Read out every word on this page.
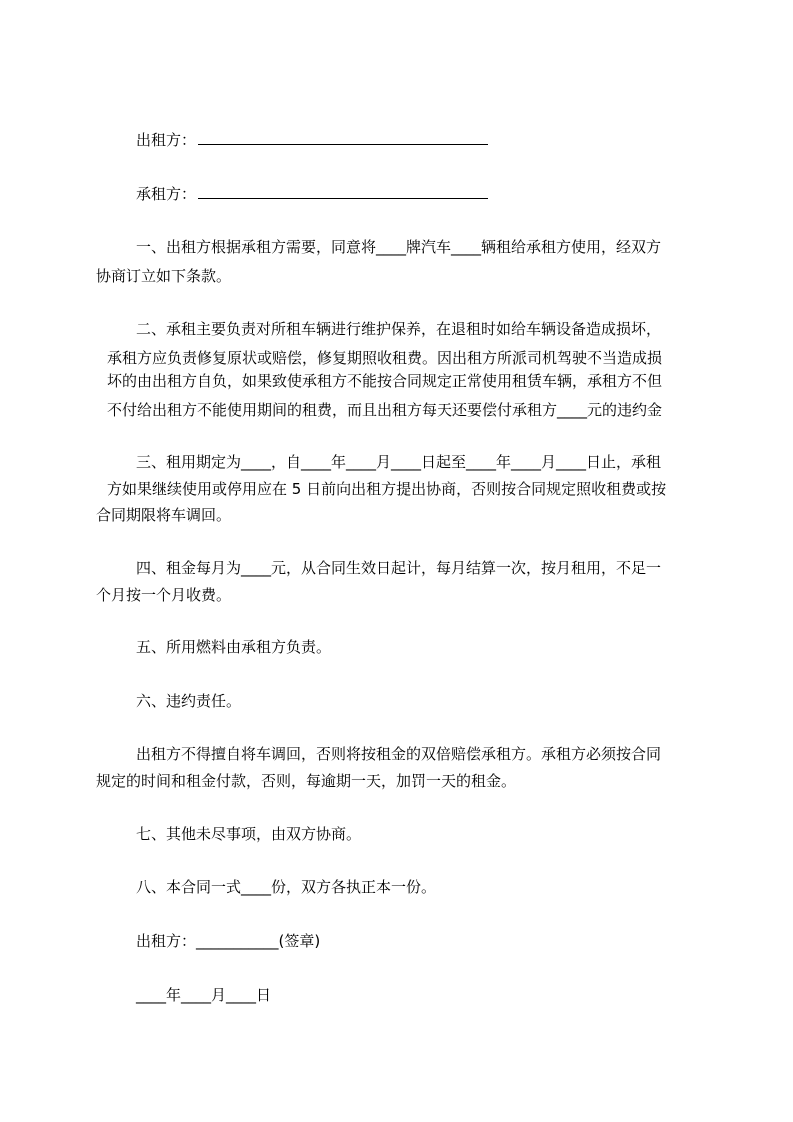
出租方：
承租方：
一、出租方根据承租方需要，同意将____牌汽车____辆租给承租方使用，经双方
协商订立如下条款。
二、承租主要负责对所租车辆进行维护保养，在退租时如给车辆设备造成损坏，
承租方应负责修复原状或赔偿，修复期照收租费。因出租方所派司机驾驶不当造成损
坏的由出租方自负，如果致使承租方不能按合同规定正常使用租赁车辆，承租方不但
不付给出租方不能使用期间的租费，而且出租方每天还要偿付承租方____元的违约金
三、租用期定为____，自____年____月____日起至____年____月____日止，承租
方如果继续使用或停用应在 5 日前向出租方提出协商，否则按合同规定照收租费或按
合同期限将车调回。
四、租金每月为____元，从合同生效日起计，每月结算一次，按月租用，不足一
个月按一个月收费。
五、所用燃料由承租方负责。
六、违约责任。
出租方不得擅自将车调回，否则将按租金的双倍赔偿承租方。承租方必须按合同
规定的时间和租金付款，否则，每逾期一天，加罚一天的租金。
七、其他未尽事项，由双方协商。
八、本合同一式____份，双方各执正本一份。
出租方：___________(签章)
____年____月____日
